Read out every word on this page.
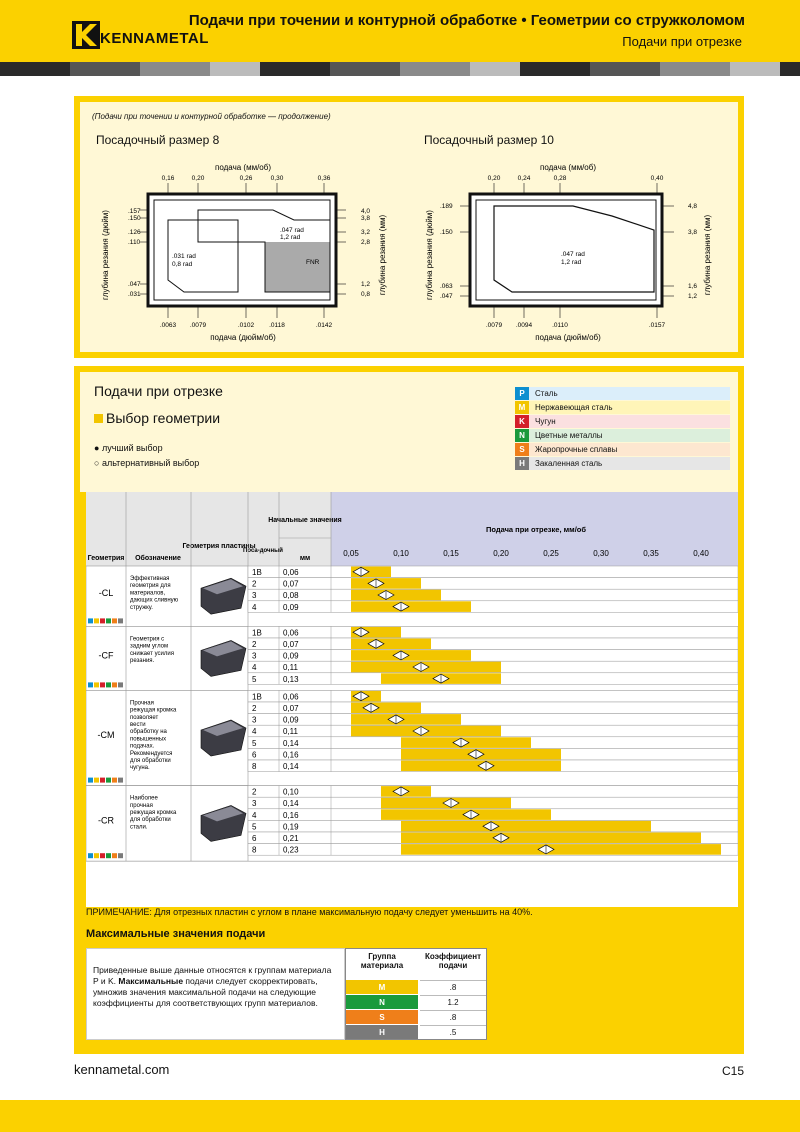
KENNAMETAL
Подачи при точении и контурной обработке • Геометрии со стружколомом
Подачи при отрезке
(Подачи при точении и контурной обработке — продолжение)
Посадочный размер 8	Посадочный размер 10
подача (мм/об)
подача (дюйм/об)
глубина резания (дюйм)	глубина резания (мм)
0,16	0,20	0,26	0,30	0,36
.0063 .0079	.0102 .0118	.0142
.157
.150
.126
.110
.047
.031
4,0
3,8
3,2
2,8
1,2
0,8
.031 rad
0,8 rad
.047 rad
1,2 rad
FNR
подача (мм/об)
подача (дюйм/об)
глубина резания (дюйм)	глубина резания (мм)
0,20	0,24	0,28	0,40
.0079 .0094	.0110	.0157
.189
.150
.063
.047
4,8
3,8
1,6
1,2
.047 rad
1,2 rad
Подачи при отрезке
Выбор геометрии
● лучший выбор
○ альтернативный выбор
P	Сталь
M	Нержавеющая сталь
K	Чугун
N	Цветные металлы
S	Жаропрочные сплавы
H	Закаленная сталь
Геометрия Обозначение
Геометрия пластины
Поса-дочный
Начальные значения
мм
Подача при отрезке, мм/об
0,05	0,10	0,15	0,20	0,25	0,30	0,35	0,40
-CL
Эффективная геометрия для материалов, дающих сливную стружку.
1B	0,06
2	0,07
3	0,08
4	0,09
-CF
Геометрия с задним углом снижает усилия резания.
1B	0,06
2	0,07
3	0,09
4	0,11
5	0,13
-CM
Прочная режущая кромка позволяет вести обработку на повышенных подачах. Рекомендуется для обработки чугуна.
1B	0,06
2	0,07
3	0,09
4	0,11
5	0,14
6	0,16
8	0,14
-CR
Наиболее прочная режущая кромка для обработки стали.
2	0,10
3	0,14
4	0,16
5	0,19
6	0,21
8	0,23
ПРИМЕЧАНИЕ: Для отрезных пластин с углом в плане максимальную подачу следует уменьшить на 40%.
Максимальные значения подачи
Приведенные выше данные относятся к группам материала P и K. Максимальные подачи следует скорректировать, умножив значения максимальной подачи на следующие коэффициенты для соответствующих групп материалов.
Группа материала
Коэффициент подачи
M	.8
N	1.2
S	.8
H	.5
kennametal.com	C15
